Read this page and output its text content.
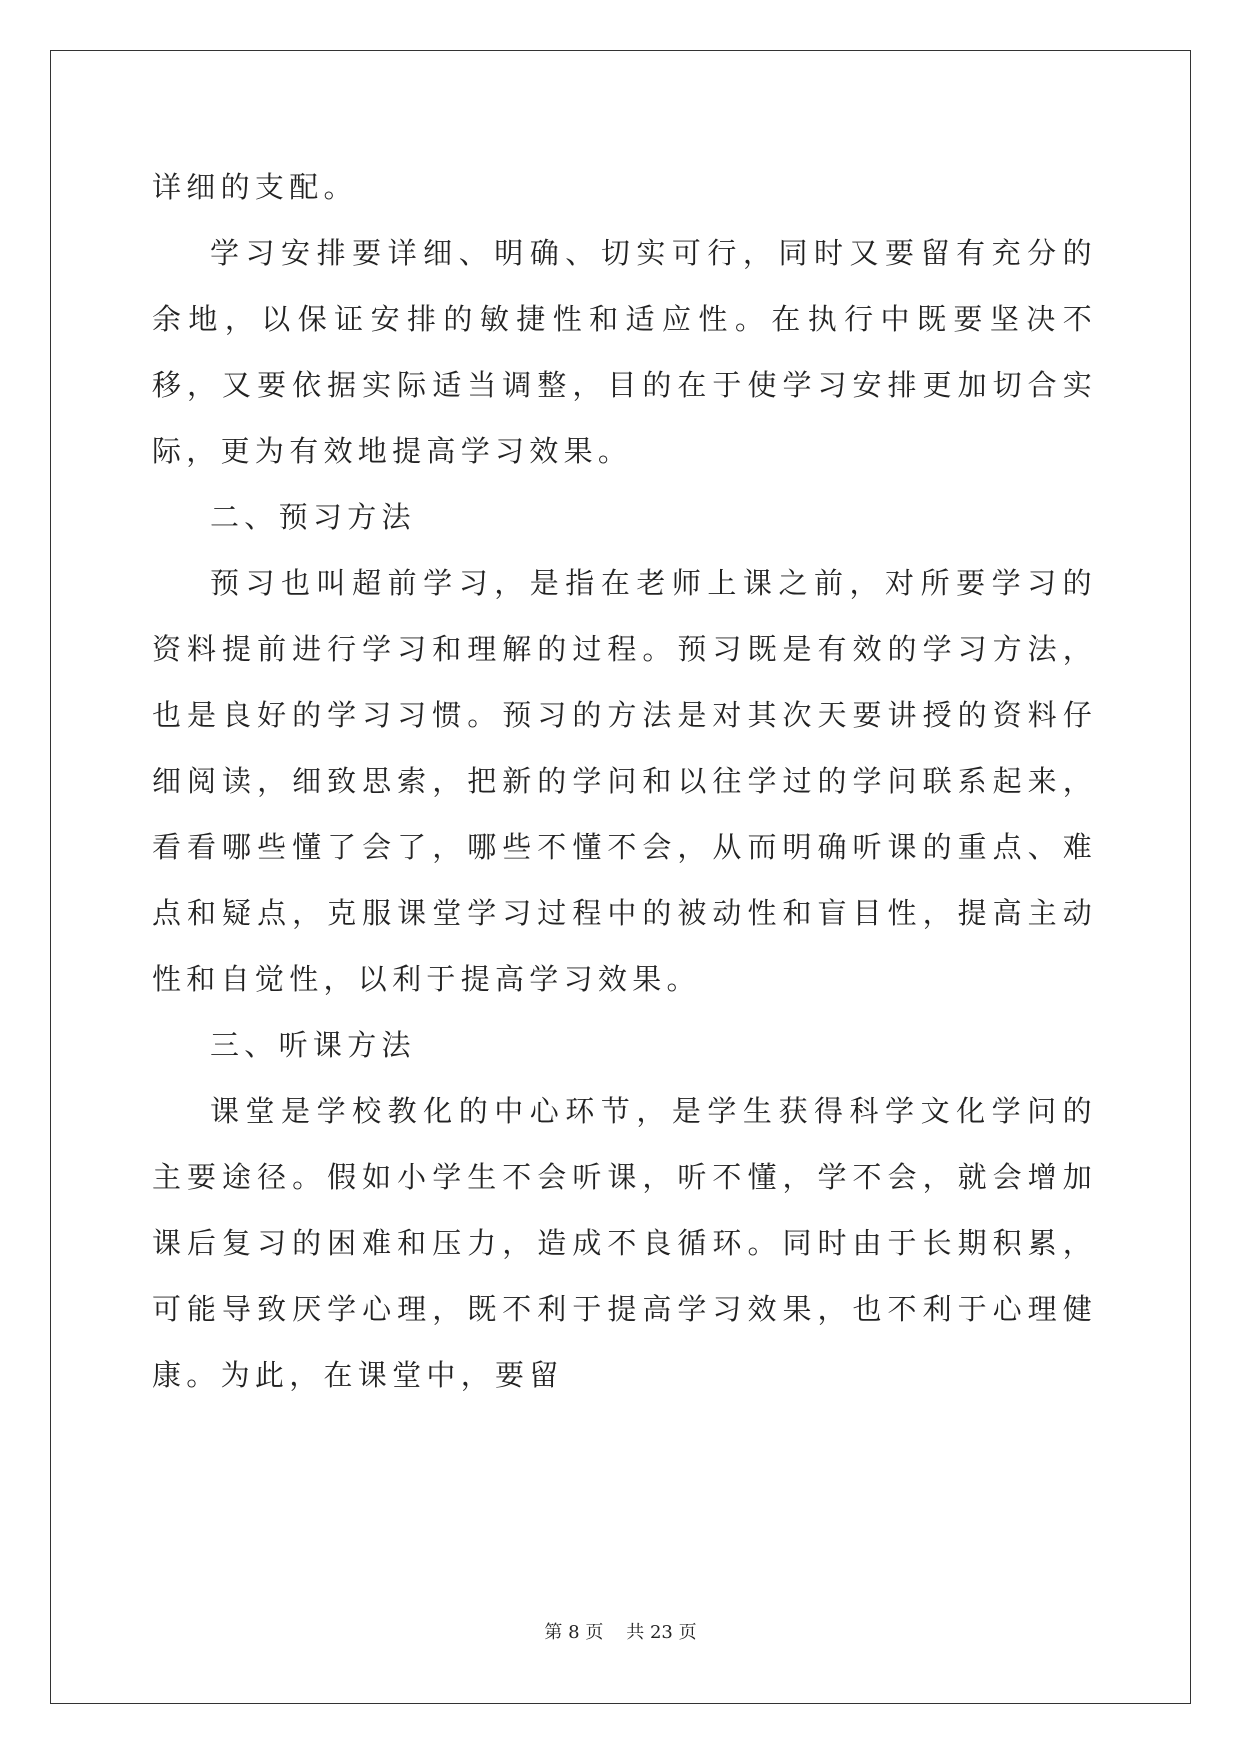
详细的支配。

学习安排要详细、明确、切实可行，同时又要留有充分的余地，以保证安排的敏捷性和适应性。在执行中既要坚决不移，又要依据实际适当调整，目的在于使学习安排更加切合实际，更为有效地提高学习效果。

二、预习方法

预习也叫超前学习，是指在老师上课之前，对所要学习的资料提前进行学习和理解的过程。预习既是有效的学习方法，也是良好的学习习惯。预习的方法是对其次天要讲授的资料仔细阅读，细致思索，把新的学问和以往学过的学问联系起来，看看哪些懂了会了，哪些不懂不会，从而明确听课的重点、难点和疑点，克服课堂学习过程中的被动性和盲目性，提高主动性和自觉性，以利于提高学习效果。

三、听课方法

课堂是学校教化的中心环节，是学生获得科学文化学问的主要途径。假如小学生不会听课，听不懂，学不会，就会增加课后复习的困难和压力，造成不良循环。同时由于长期积累，可能导致厌学心理，既不利于提高学习效果，也不利于心理健康。为此，在课堂中，要留

第 8 页 共 23 页
